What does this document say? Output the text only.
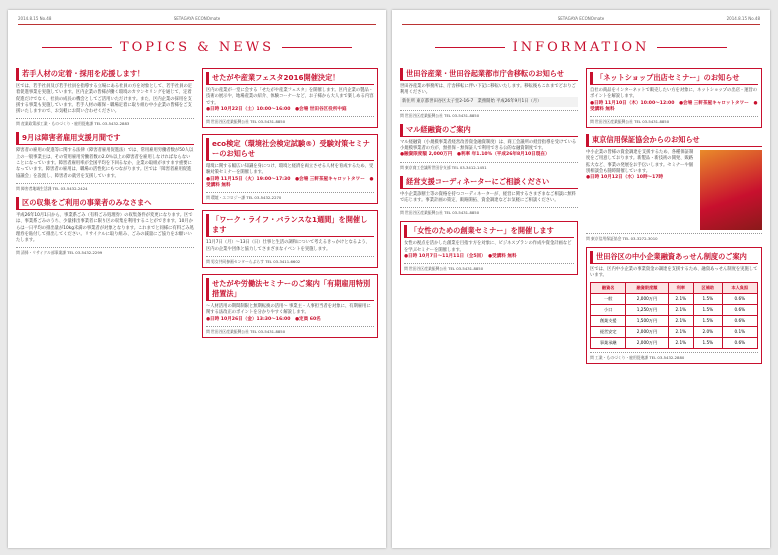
2014.8.15 No.48	SETAGAYA ECONOmate
TOPICS & NEWS
若手人材の定着・採用を応援します！
区では、若手社員及び若手社員を指導する立場にある社員の方を対象として、若手社員の定着促進事業を実施しています。区内企業の皆様が働く環境のカウンセリングを通じて、定着促進だけでなく、社員の成長の機会としてご活用いただけます。また、区内企業の採用を支援する事業も実施しています。若手人材の確保・職場定着に取り組む中小企業の皆様をご支援いたしますので、お気軽にお問い合わせください。
問 産業政策部工業・ものづくり・雇用促進課 TEL 03-5432-2883
9月は障害者雇用支援月間です
障害者の雇用の促進等に関する法律（障害者雇用促進法）では、常用雇用労働者数が50人以上の一般事業主は、その常用雇用労働者数の2.0％以上の障害者を雇用しなければならないことになっています。障害者雇用率が全国平均を下回るなか、企業の取組がますます重要になっています。障害者の雇用は、職場の活性化にもつながります。区では「障害者雇用促進協議会」を設置し、障害者の就労を支援しています。
問 障害者地域生活課 TEL 03-5432-2424
区の収集をご利用の事業者のみなさまへ
平成26年10月1日から、事業系ごみ（有料ごみ処理券）の収集条件が変更になります。区では、事業系ごみのうち、少量排出事業者に限り区の収集を利用することができます。10月からは一日平均の排出量が10kg未満の事業者が対象となります。これまでと同様に有料ごみ処理券を貼付して排出してください。リサイクルに取り組み、ごみの減量にご協力をお願いいたします。
問 清掃・リサイクル部事業課 TEL 03-5432-2299
せたがや産業フェスタ2016開催決定！
区内の産業が一堂に会する「せたがや産業フェスタ」を開催します。区内企業の製品・技術の展示や、地場産業の紹介、体験コーナーなど、お子様から大人まで楽しめる内容です。
●日時 10月22日（土）10:00〜16:00　●会場 世田谷区役所中庭
問 世田谷区産業振興公社 TEL 03-5431-8850
eco検定（環境社会検定試験®）受験対策セミナーのお知らせ
環境に関する幅広い知識を身につけ、環境と経済を両立させる人材を育成するため、受験対策セミナーを開催します。
●日時 11月15日（火）19:00〜17:30　●会場 三軒茶屋キャロットタワー　●受講料 無料
問 環境・エコロジー課 TEL 03-5432-2270
「ワーク・ライフ・バランスな1週間」を開催します
11月7日（月）〜13日（日）仕事と生活の調和について考えるきっかけとなるよう、区内の企業や団体と協力してさまざまなイベントを実施します。
問 男女共同参画センターらぷらす TEL 03-3411-6602
せたがや労働法セミナーのご案内「有期雇用特別措置法」
〜人材活用の期間制限と無期転換の活用〜 事業主・人事担当者を対象に、有期雇用に関する法改正のポイントを分かりやすく解説します。
●日時 10月26日（金）13:30〜16:00　●定員 60名
問 世田谷区産業振興公社 TEL 03-5431-8850
SETAGAYA ECONOmate	2014.8.15 No.48
INFORMATION
世田谷産業・世田谷起業都市庁舎移転のお知らせ
世田谷産業の事務所は、庁舎移転に伴い下記に移転いたします。移転後もこれまでどおりご利用ください。
新住所 東京都世田谷区太子堂2-16-7　業務開始 平成26年9月1日（月）
問 世田谷区産業振興公社 TEL 03-5431-8850
マル経融資のご案内
マル経融資（小規模事業者経営改善資金融資制度）は、商工会議所の経営指導を受けている小規模事業者の方が、無担保・無保証人で利用できる公的な融資制度です。
●融資限度額 2,000万円　●利率 年1.10%（平成26年8月10日現在）
問 東京商工会議所世田谷支部 TEL 03-3412-1451
経営支援コーディネーターにご相談ください
中小企業診断士等の資格を持つコーディネーターが、経営に関するさまざまなご相談に無料で応じます。事業計画の策定、販路開拓、資金調達などお気軽にご相談ください。
問 世田谷区産業振興公社 TEL 03-5431-8850
「女性のための創業セミナー」を開催します
女性の視点を活かした創業を目指す方を対象に、ビジネスプランの作成や資金計画などを学ぶセミナーを開催します。
●日時 10月7日〜11月11日（全5回）　●受講料 無料
問 世田谷区産業振興公社 TEL 03-5431-8850
「ネットショップ出店セミナー」のお知らせ
自社の商品をインターネットで販売したい方を対象に、ネットショップの出店・運営のポイントを解説します。
●日時 11月10日（木）10:00〜12:00　●会場 三軒茶屋キャロットタワー　●受講料 無料
問 世田谷区産業振興公社 TEL 03-5431-8850
東京信用保証協会からのお知らせ
中小企業の皆様の資金調達を支援するため、各種保証制度をご用意しております。新製品・新技術の開発、販路拡大など、事業の発展をお手伝いします。セミナーや個別相談会も随時開催しています。
●日時 10月12日（水）10時〜17時
問 東京信用保証協会 TEL 03-3272-3010
世田谷区の中小企業融資あっせん制度のご案内
区では、区内中小企業の事業資金の調達を支援するため、融資あっせん制度を実施しています。
融資名	融資限度額	利率	区補助	本人負担
一般	2,000万円	2.1%	1.5%	0.6%
小口	1,250万円	2.1%	1.5%	0.6%
創業支援	1,500万円	2.1%	1.5%	0.6%
経営安定	2,000万円	2.1%	2.0%	0.1%
事業承継	2,000万円	2.1%	1.5%	0.6%
問 工業・ものづくり・雇用促進課 TEL 03-5432-2880
